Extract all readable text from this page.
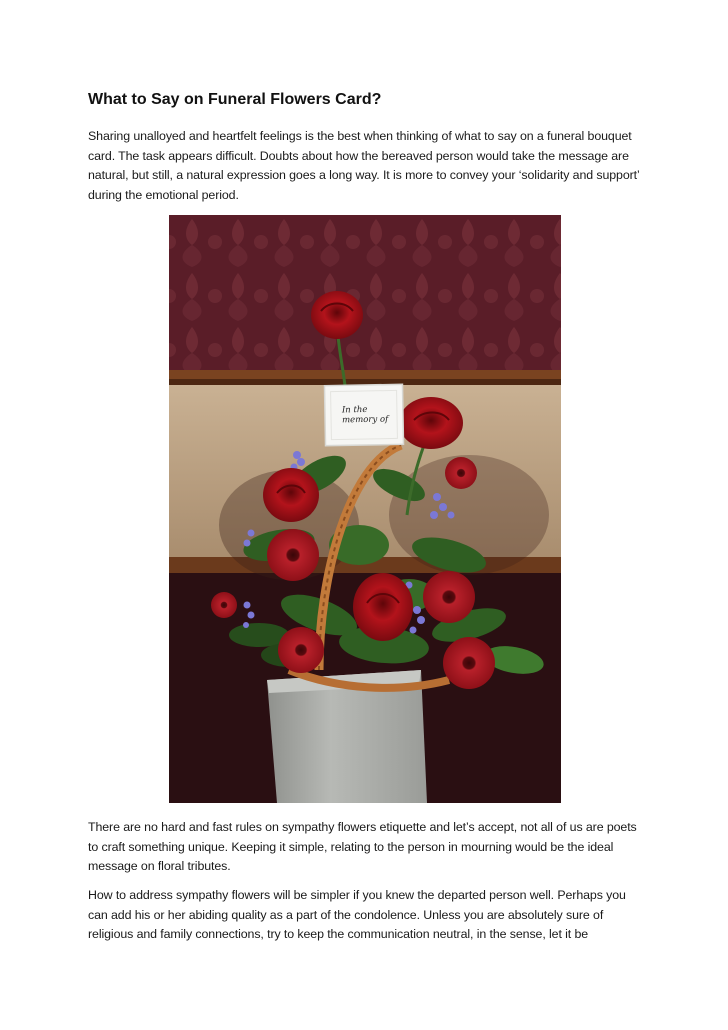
What to Say on Funeral Flowers Card?

Sharing unalloyed and heartfelt feelings is the best when thinking of what to say on a funeral bouquet card. The task appears difficult. Doubts about how the bereaved person would take the message are natural, but still, a natural expression goes a long way. It is more to convey your ‘solidarity and support’ during the emotional period.

In the
memory of

There are no hard and fast rules on sympathy flowers etiquette and let’s accept, not all of us are poets to craft something unique. Keeping it simple, relating to the person in mourning would be the ideal message on floral tributes.

How to address sympathy flowers will be simpler if you knew the departed person well. Perhaps you can add his or her abiding quality as a part of the condolence. Unless you are absolutely sure of religious and family connections, try to keep the communication neutral, in the sense, let it be
